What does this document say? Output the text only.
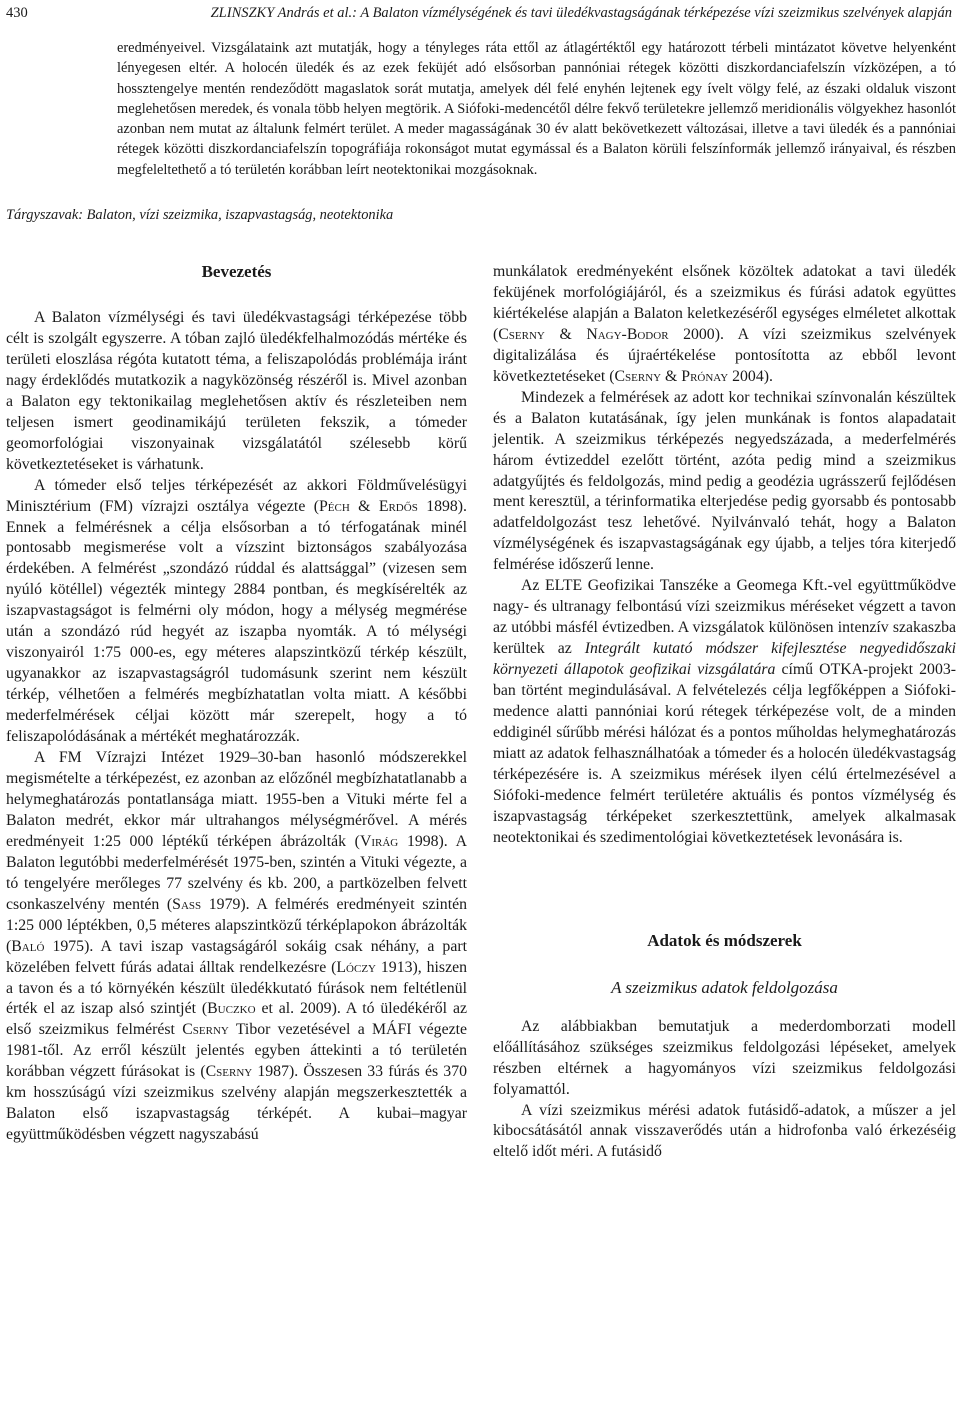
430	ZLINSZKY András et al.: A Balaton vízmélységének és tavi üledékvastagságának térképezése vízi szeizmikus szelvények alapján
eredményeivel. Vizsgálataink azt mutatják, hogy a tényleges ráta ettől az átlagértéktől egy határozott térbeli mintázatot követve helyenként lényegesen eltér. A holocén üledék és az ezek feküjét adó elsősorban pannóniai rétegek közötti diszkordanciafelszín vízközépen, a tó hossztengelye mentén rendeződött magaslatok sorát mutatja, amelyek dél felé enyhén lejtenek egy ívelt völgy felé, az északi oldaluk viszont meglehetősen meredek, és vonala több helyen megtörik. A Siófoki-medencétől délre fekvő területekre jellemző meridionális völgyekhez hasonlót azonban nem mutat az általunk felmért terület. A meder magasságának 30 év alatt bekövetkezett változásai, illetve a tavi üledék és a pannóniai rétegek közötti diszkordanciafelszín topográfiája rokonságot mutat egymással és a Balaton körüli felszínformák jellemző irányaival, és részben megfeleltethető a tó területén korábban leírt neotektonikai mozgásoknak.
Tárgyszavak: Balaton, vízi szeizmika, iszapvastagság, neotektonika
Bevezetés

A Balaton vízmélységi és tavi üledékvastagsági térképezése több célt is szolgált egyszerre. A tóban zajló üledékfelhalmozódás mértéke és területi eloszlása régóta kutatott téma, a feliszapolódás problémája iránt nagy érdeklődés mutatkozik a nagyközönség részéről is. Mivel azonban a Balaton egy tektonikailag meglehetősen aktív és részleteiben nem teljesen ismert geodinamikájú területen fekszik, a tómeder geomorfológiai viszonyainak vizsgálatától szélesebb körű következtetéseket is várhatunk.

A tómeder első teljes térképezését az akkori Földművelésügyi Minisztérium (FM) vízrajzi osztálya végezte (Péch & Erdős 1898). Ennek a felmérésnek a célja elsősorban a tó térfogatának minél pontosabb megismerése volt a vízszint biztonságos szabályozása érdekében. A felmérést „szondázó rúddal és alattsággal” (vizesen sem nyúló kötéllel) végezték mintegy 2884 pontban, és megkísérelték az iszapvastagságot is felmérni oly módon, hogy a mélység megmérése után a szondázó rúd hegyét az iszapba nyomták. A tó mélységi viszonyairól 1:75 000-es, egy méteres alapszintközű térkép készült, ugyanakkor az iszapvastagságról tudomásunk szerint nem készült térkép, vélhetően a felmérés megbízhatatlan volta miatt. A későbbi mederfelmérések céljai között már szerepelt, hogy a tó feliszapolódásának a mértékét meghatározzák.

A FM Vízrajzi Intézet 1929–30-ban hasonló módszerekkel megismételte a térképezést, ez azonban az előzőnél megbízhatatlanabb a helymeghatározás pontatlansága miatt. 1955-ben a Vituki mérte fel a Balaton medrét, ekkor már ultrahangos mélységmérővel. A mérés eredményeit 1:25 000 léptékű térképen ábrázolták (Virág 1998). A Balaton legutóbbi mederfelmérését 1975-ben, szintén a Vituki végezte, a tó tengelyére merőleges 77 szelvény és kb. 200, a partközelben felvett csonkaszelvény mentén (Sass 1979). A felmérés eredményeit szintén 1:25 000 léptékben, 0,5 méteres alapszintközű térképlapokon ábrázolták (Baló 1975). A tavi iszap vastagságáról sokáig csak néhány, a part közelében felvett fúrás adatai álltak rendelkezésre (Lóczy 1913), hiszen a tavon és a tó környékén készült üledékkutató fúrások nem feltétlenül érték el az iszap alsó szintjét (Buczko et al. 2009). A tó üledékéről az első szeizmikus felmérést Cserny Tibor vezetésével a MÁFI végezte 1981-től. Az erről készült jelentés egyben áttekinti a tó területén korábban végzett fúrásokat is (Cserny 1987). Összesen 33 fúrás és 370 km hosszúságú vízi szeizmikus szelvény alapján megszerkesztették a Balaton első iszapvastagság térképét. A kubai–magyar együttműködésben végzett nagyszabású

munkálatok eredményeként elsőnek közöltek adatokat a tavi üledék feküjének morfológiájáról, és a szeizmikus és fúrási adatok együttes kiértékelése alapján a Balaton keletkezéséről egységes elméletet alkottak (Cserny & Nagy-Bodor 2000). A vízi szeizmikus szelvények digitalizálása és újraértékelése pontosította az ebből levont következtetéseket (Cserny & Prónay 2004).

Mindezek a felmérések az adott kor technikai színvonalán készültek és a Balaton kutatásának, így jelen munkának is fontos alapadatait jelentik. A szeizmikus térképezés negyedszázada, a mederfelmérés három évtizeddel ezelőtt történt, azóta pedig mind a szeizmikus adatgyűjtés és feldolgozás, mind pedig a geodézia ugrásszerű fejlődésen ment keresztül, a térinformatika elterjedése pedig gyorsabb és pontosabb adatfeldolgozást tesz lehetővé. Nyilvánvaló tehát, hogy a Balaton vízmélységének és iszapvastagságának egy újabb, a teljes tóra kiterjedő felmérése időszerű lenne.

Az ELTE Geofizikai Tanszéke a Geomega Kft.-vel együttműködve nagy- és ultranagy felbontású vízi szeizmikus méréseket végzett a tavon az utóbbi másfél évtizedben. A vizsgálatok különösen intenzív szakaszba kerültek az Integrált kutató módszer kifejlesztése negyedidőszaki környezeti állapotok geofizikai vizsgálatára című OTKA-projekt 2003-ban történt megindulásával. A felvételezés célja legfőképpen a Siófoki-medence alatti pannóniai korú rétegek térképezése volt, de a minden eddiginél sűrűbb mérési hálózat és a pontos műholdas helymeghatározás miatt az adatok felhasználhatóak a tómeder és a holocén üledékvastagság térképezésére is. A szeizmikus mérések ilyen célú értelmezésével a Siófoki-medence felmért területére aktuális és pontos vízmélység és iszapvastagság térképeket szerkesztettünk, amelyek alkalmasak neotektonikai és szedimentológiai következtetések levonására is.

Adatok és módszerek
A szeizmikus adatok feldolgozása

Az alábbiakban bemutatjuk a mederdomborzati modell előállításához szükséges szeizmikus feldolgozási lépéseket, amelyek részben eltérnek a hagyományos vízi szeizmikus feldolgozási folyamattól.

A vízi szeizmikus mérési adatok futásidő-adatok, a műszer a jel kibocsátásától annak visszaverődés után a hidrofonba való érkezéséig eltelő időt méri. A futásidő
